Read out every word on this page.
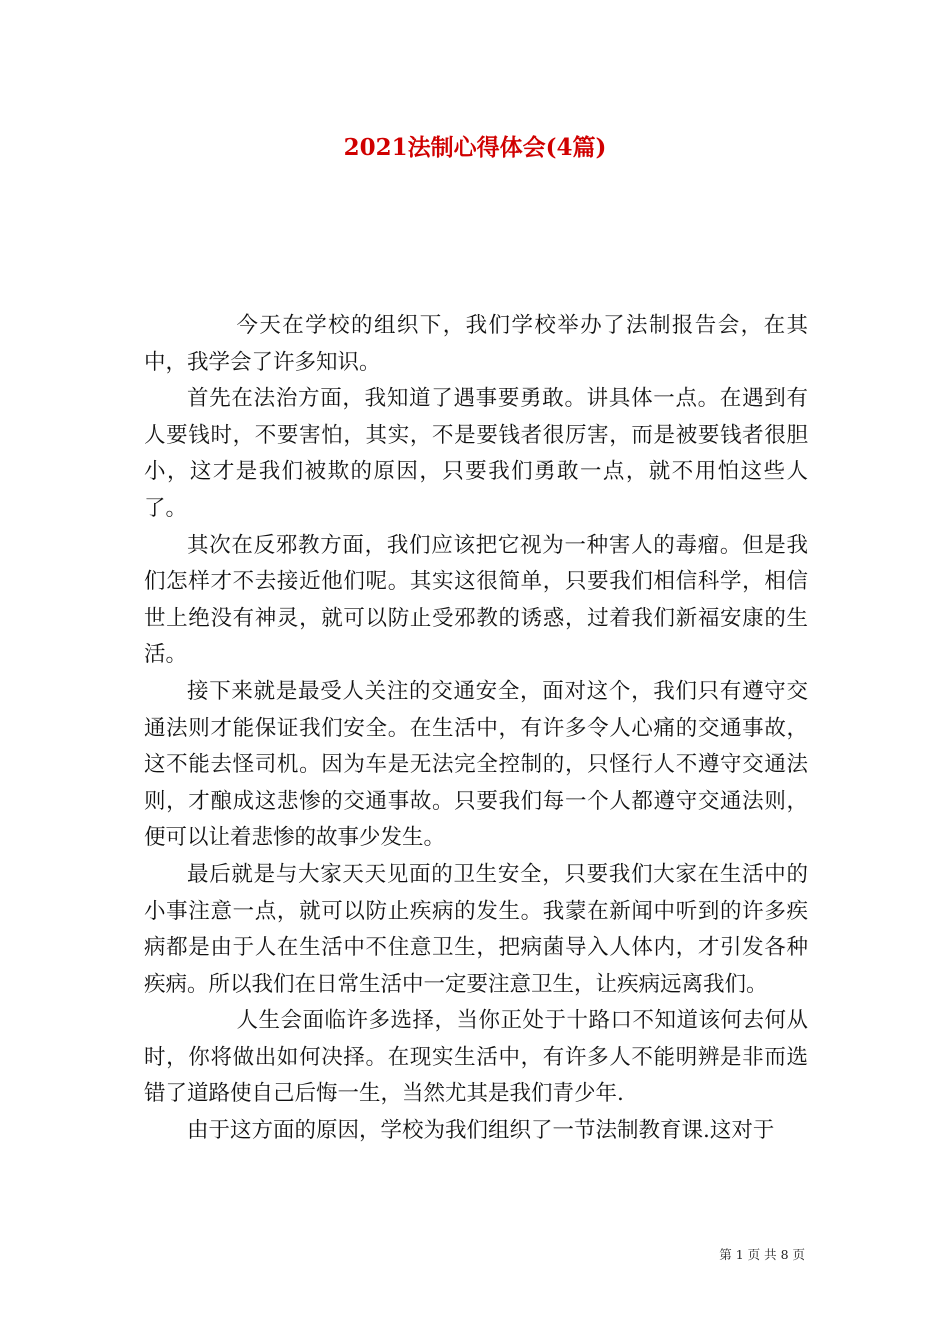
2021法制心得体会(4篇)

今天在学校的组织下，我们学校举办了法制报告会，在其中，我学会了许多知识。

首先在法治方面，我知道了遇事要勇敢。讲具体一点。在遇到有人要钱时，不要害怕，其实，不是要钱者很厉害，而是被要钱者很胆小，这才是我们被欺的原因，只要我们勇敢一点，就不用怕这些人了。

其次在反邪教方面，我们应该把它视为一种害人的毒瘤。但是我们怎样才不去接近他们呢。其实这很简单，只要我们相信科学，相信世上绝没有神灵，就可以防止受邪教的诱惑，过着我们新福安康的生活。

接下来就是最受人关注的交通安全，面对这个，我们只有遵守交通法则才能保证我们安全。在生活中，有许多令人心痛的交通事故，这不能去怪司机。因为车是无法完全控制的，只怪行人不遵守交通法则，才酿成这悲惨的交通事故。只要我们每一个人都遵守交通法则，便可以让着悲惨的故事少发生。

最后就是与大家天天见面的卫生安全，只要我们大家在生活中的小事注意一点，就可以防止疾病的发生。我蒙在新闻中听到的许多疾病都是由于人在生活中不住意卫生，把病菌导入人体内，才引发各种疾病。所以我们在日常生活中一定要注意卫生，让疾病远离我们。

人生会面临许多选择，当你正处于十路口不知道该何去何从时，你将做出如何决择。在现实生活中，有许多人不能明辨是非而选错了道路使自己后悔一生，当然尤其是我们青少年.

由于这方面的原因，学校为我们组织了一节法制教育课.这对于

第 1 页 共 8 页
